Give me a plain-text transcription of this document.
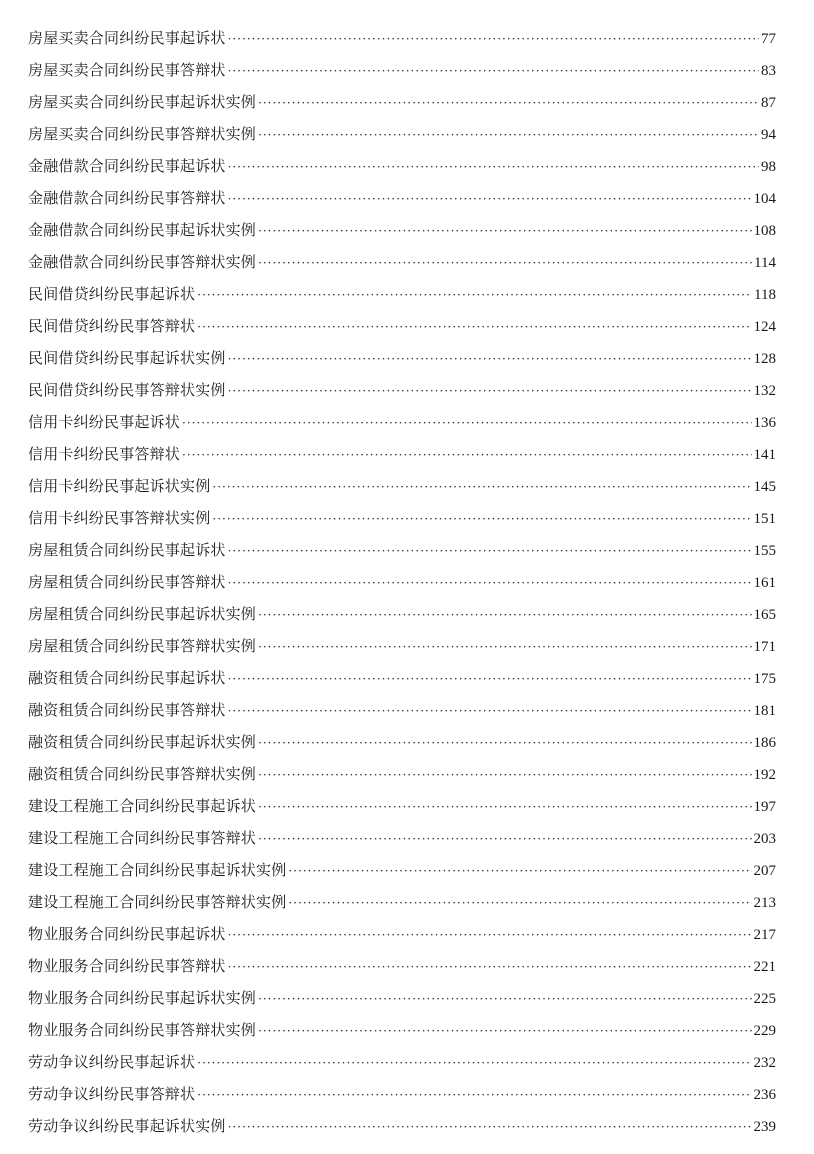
房屋买卖合同纠纷民事起诉状 ·····	77
房屋买卖合同纠纷民事答辩状 ·····	83
房屋买卖合同纠纷民事起诉状实例 ·····	87
房屋买卖合同纠纷民事答辩状实例 ·····	94
金融借款合同纠纷民事起诉状 ·····	98
金融借款合同纠纷民事答辩状 ·····	104
金融借款合同纠纷民事起诉状实例 ·····	108
金融借款合同纠纷民事答辩状实例 ·····	114
民间借贷纠纷民事起诉状 ·····	118
民间借贷纠纷民事答辩状 ·····	124
民间借贷纠纷民事起诉状实例 ·····	128
民间借贷纠纷民事答辩状实例 ·····	132
信用卡纠纷民事起诉状 ·····	136
信用卡纠纷民事答辩状 ·····	141
信用卡纠纷民事起诉状实例 ·····	145
信用卡纠纷民事答辩状实例 ·····	151
房屋租赁合同纠纷民事起诉状 ·····	155
房屋租赁合同纠纷民事答辩状 ·····	161
房屋租赁合同纠纷民事起诉状实例 ·····	165
房屋租赁合同纠纷民事答辩状实例 ·····	171
融资租赁合同纠纷民事起诉状 ·····	175
融资租赁合同纠纷民事答辩状 ·····	181
融资租赁合同纠纷民事起诉状实例 ·····	186
融资租赁合同纠纷民事答辩状实例 ·····	192
建设工程施工合同纠纷民事起诉状 ·····	197
建设工程施工合同纠纷民事答辩状 ·····	203
建设工程施工合同纠纷民事起诉状实例 ·····	207
建设工程施工合同纠纷民事答辩状实例 ·····	213
物业服务合同纠纷民事起诉状 ·····	217
物业服务合同纠纷民事答辩状 ·····	221
物业服务合同纠纷民事起诉状实例 ·····	225
物业服务合同纠纷民事答辩状实例 ·····	229
劳动争议纠纷民事起诉状 ·····	232
劳动争议纠纷民事答辩状 ·····	236
劳动争议纠纷民事起诉状实例 ·····	239
